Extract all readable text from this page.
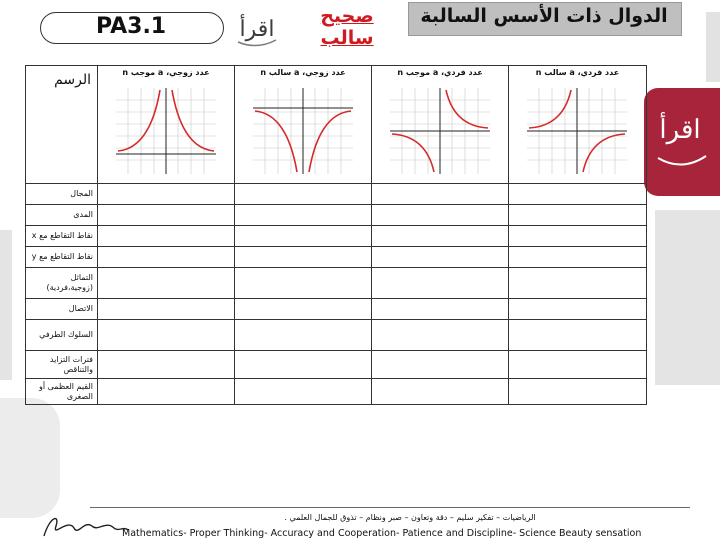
اقرأ
PA3.1	اقرأ
صحيح سالب
الدوال ذات الأسس السالبة
الرسم	عدد زوجي، a موجب n	عدد زوجي، a سالب n	عدد فردي، a موجب n	عدد فردي، a سالب n

المجال				
المدى				
نقاط التقاطع مع x				
نقاط التقاطع مع y				
التماثل (زوجية،فردية)				
الاتصال				
السلوك الطرفي				
فترات التزايد والتناقص				
القيم العظمى أو الصغرى				
الرياضيات – تفكير سليم – دقة وتعاون – صبر ونظام – تذوق للجمال العلمي .
Mathematics- Proper Thinking- Accuracy and Cooperation- Patience and Discipline- Science Beauty sensation
